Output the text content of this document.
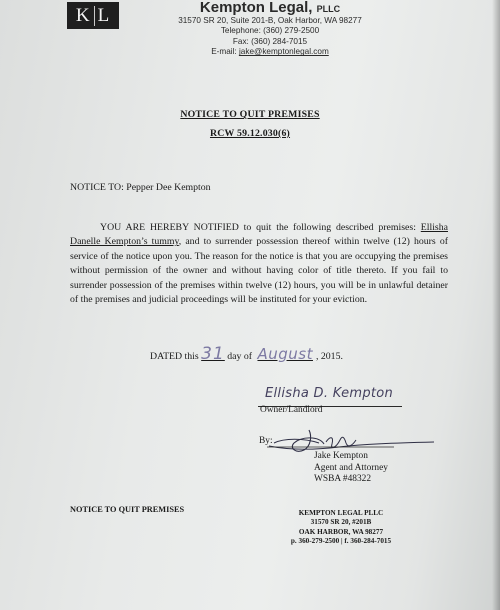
K L	Kempton Legal, PLLC
31570 SR 20, Suite 201-B, Oak Harbor, WA 98277
Telephone: (360) 279-2500
Fax: (360) 284-7015
E-mail: jake@kemptonlegal.com
NOTICE TO QUIT PREMISES
RCW 59.12.030(6)
NOTICE TO: Pepper Dee Kempton
YOU ARE HEREBY NOTIFIED to quit the following described premises: Ellisha Danelle Kempton’s tummy, and to surrender possession thereof within twelve (12) hours of service of the notice upon you. The reason for the notice is that you are occupying the premises without permission of the owner and without having color of title thereto. If you fail to surrender possession of the premises within twelve (12) hours, you will be in unlawful detainer of the premises and judicial proceedings will be instituted for your eviction.
DATED this 31 day of August , 2015.
Ellisha D. Kempton
Owner/Landlord
By:
Jake Kempton
Agent and Attorney
WSBA #48322
NOTICE TO QUIT PREMISES	KEMPTON LEGAL PLLC
31570 SR 20, #201B
OAK HARBOR, WA 98277
p. 360-279-2500 | f. 360-284-7015
